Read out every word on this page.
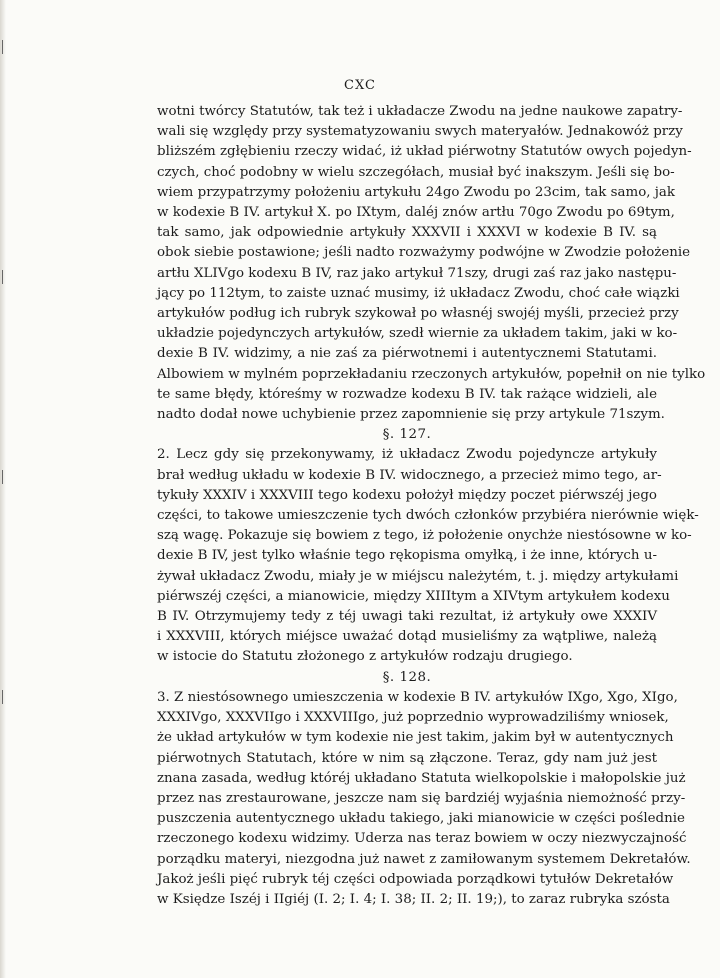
CXC
wotni twórcy Statutów, tak też i układacze Zwodu na jedne naukowe zapatry-
wali się względy przy systematyzowaniu swych materyałów. Jednakowóż przy
bliższém zgłębieniu rzeczy widać, iż układ piérwotny Statutów owych pojedyn-
czych, choć podobny w wielu szczegółach, musiał być inakszym. Jeśli się bo-
wiem przypatrzymy położeniu artykułu 24go Zwodu po 23cim, tak samo, jak
w kodexie B IV. artykuł X. po IXtym, daléj znów artłu 70go Zwodu po 69tym,
tak samo, jak odpowiednie artykuły XXXVII i XXXVI w kodexie B IV. są
obok siebie postawione; jeśli nadto rozważymy podwójne w Zwodzie położenie
artłu XLIVgo kodexu B IV, raz jako artykuł 71szy, drugi zaś raz jako następu-
jący po 112tym, to zaiste uznać musimy, iż układacz Zwodu, choć całe wiązki
artykułów podług ich rubryk szykował po własnéj swojéj myśli, przecież przy
układzie pojedynczych artykułów, szedł wiernie za układem takim, jaki w ko-
dexie B IV. widzimy, a nie zaś za piérwotnemi i autentycznemi Statutami.
Albowiem w mylném poprzekładaniu rzeczonych artykułów, popełnił on nie tylko
te same błędy, któreśmy w rozwadze kodexu B IV. tak rażące widzieli, ale
nadto dodał nowe uchybienie przez zapomnienie się przy artykule 71szym.
§. 127.
2. Lecz gdy się przekonywamy, iż układacz Zwodu pojedyncze artykuły
brał według układu w kodexie B IV. widocznego, a przecież mimo tego, ar-
tykuły XXXIV i XXXVIII tego kodexu położył między poczet piérwszéj jego
części, to takowe umieszczenie tych dwóch członków przybiéra nierównie więk-
szą wagę. Pokazuje się bowiem z tego, iż położenie onychże niestósowne w ko-
dexie B IV, jest tylko właśnie tego rękopisma omyłką, i że inne, których u-
żywał układacz Zwodu, miały je w miéjscu należytém, t. j. między artykułami
piérwszéj części, a mianowicie, między XIIItym a XIVtym artykułem kodexu
B IV. Otrzymujemy tedy z téj uwagi taki rezultat, iż artykuły owe XXXIV
i XXXVIII, których miéjsce uważać dotąd musieliśmy za wątpliwe, należą
w istocie do Statutu złożonego z artykułów rodzaju drugiego.
§. 128.
3. Z niestósownego umieszczenia w kodexie B IV. artykułów IXgo, Xgo, XIgo,
XXXIVgo, XXXVIIgo i XXXVIIIgo, już poprzednio wyprowadziliśmy wniosek,
że układ artykułów w tym kodexie nie jest takim, jakim był w autentycznych
piérwotnych Statutach, które w nim są złączone. Teraz, gdy nam już jest
znana zasada, według któréj układano Statuta wielkopolskie i małopolskie już
przez nas zrestaurowane, jeszcze nam się bardziéj wyjaśnia niemożność przy-
puszczenia autentycznego układu takiego, jaki mianowicie w części poślednie
rzeczonego kodexu widzimy. Uderza nas teraz bowiem w oczy niezwyczajność
porządku materyi, niezgodna już nawet z zamiłowanym systemem Dekretałów.
Jakoż jeśli pięć rubryk téj części odpowiada porządkowi tytułów Dekretałów
w Księdze Iszéj i IIgiéj (I. 2; I. 4; I. 38; II. 2; II. 19;), to zaraz rubryka szósta
